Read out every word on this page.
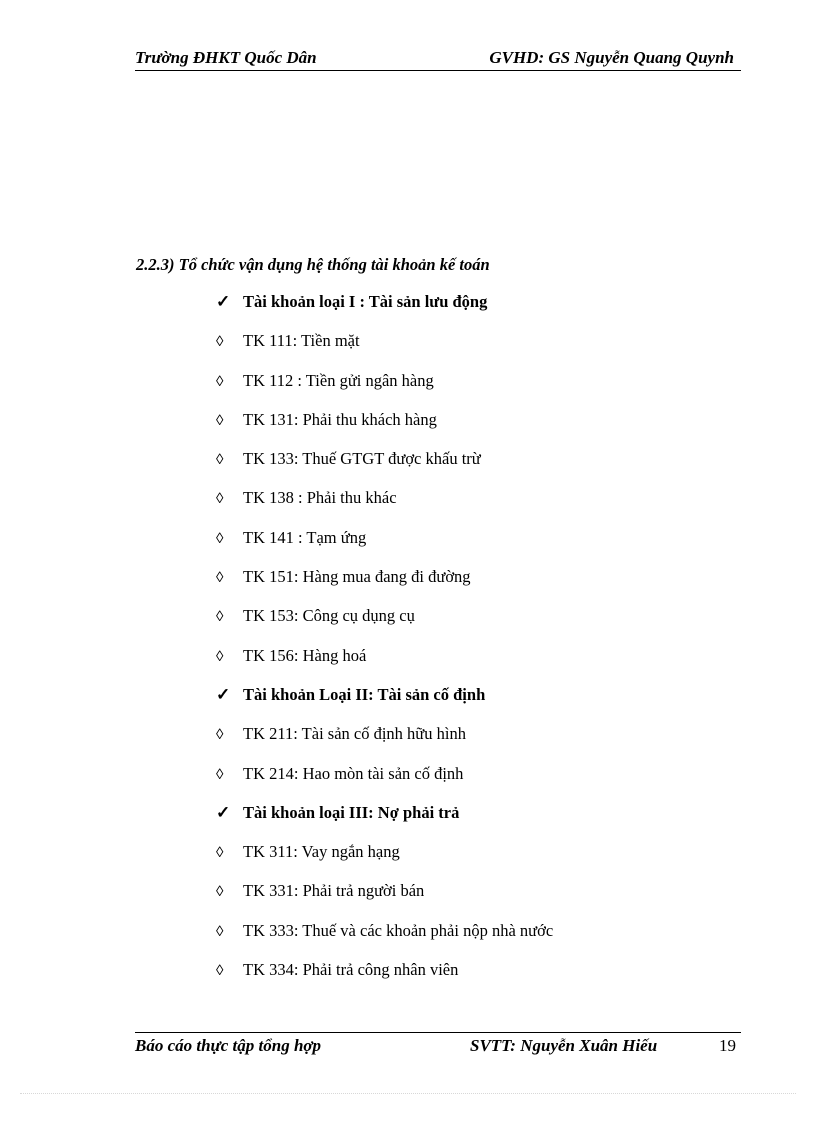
Trường ĐHKT Quốc Dân	GVHD: GS Nguyễn Quang Quynh
2.2.3) Tổ chức vận dụng hệ thống tài khoản kế toán
✓ Tài khoản loại I : Tài sản lưu động
◊ TK 111: Tiền mặt
◊ TK 112 : Tiền gửi ngân hàng
◊ TK 131: Phải thu khách hàng
◊ TK 133: Thuế GTGT được khấu trừ
◊ TK 138 : Phải thu khác
◊ TK 141 : Tạm ứng
◊ TK 151: Hàng mua đang đi đường
◊ TK 153: Công cụ dụng cụ
◊ TK 156: Hàng hoá
✓ Tài khoản Loại II: Tài sản cố định
◊ TK 211: Tài sản cố định hữu hình
◊ TK 214: Hao mòn tài sản cố định
✓ Tài khoản loại III: Nợ phải trả
◊ TK 311: Vay ngắn hạng
◊ TK 331: Phải trả người bán
◊ TK 333: Thuế và các khoản phải nộp nhà nước
◊ TK 334: Phải trả công nhân viên
Báo cáo thực tập tổng hợp	SVTT: Nguyễn Xuân Hiếu	19
